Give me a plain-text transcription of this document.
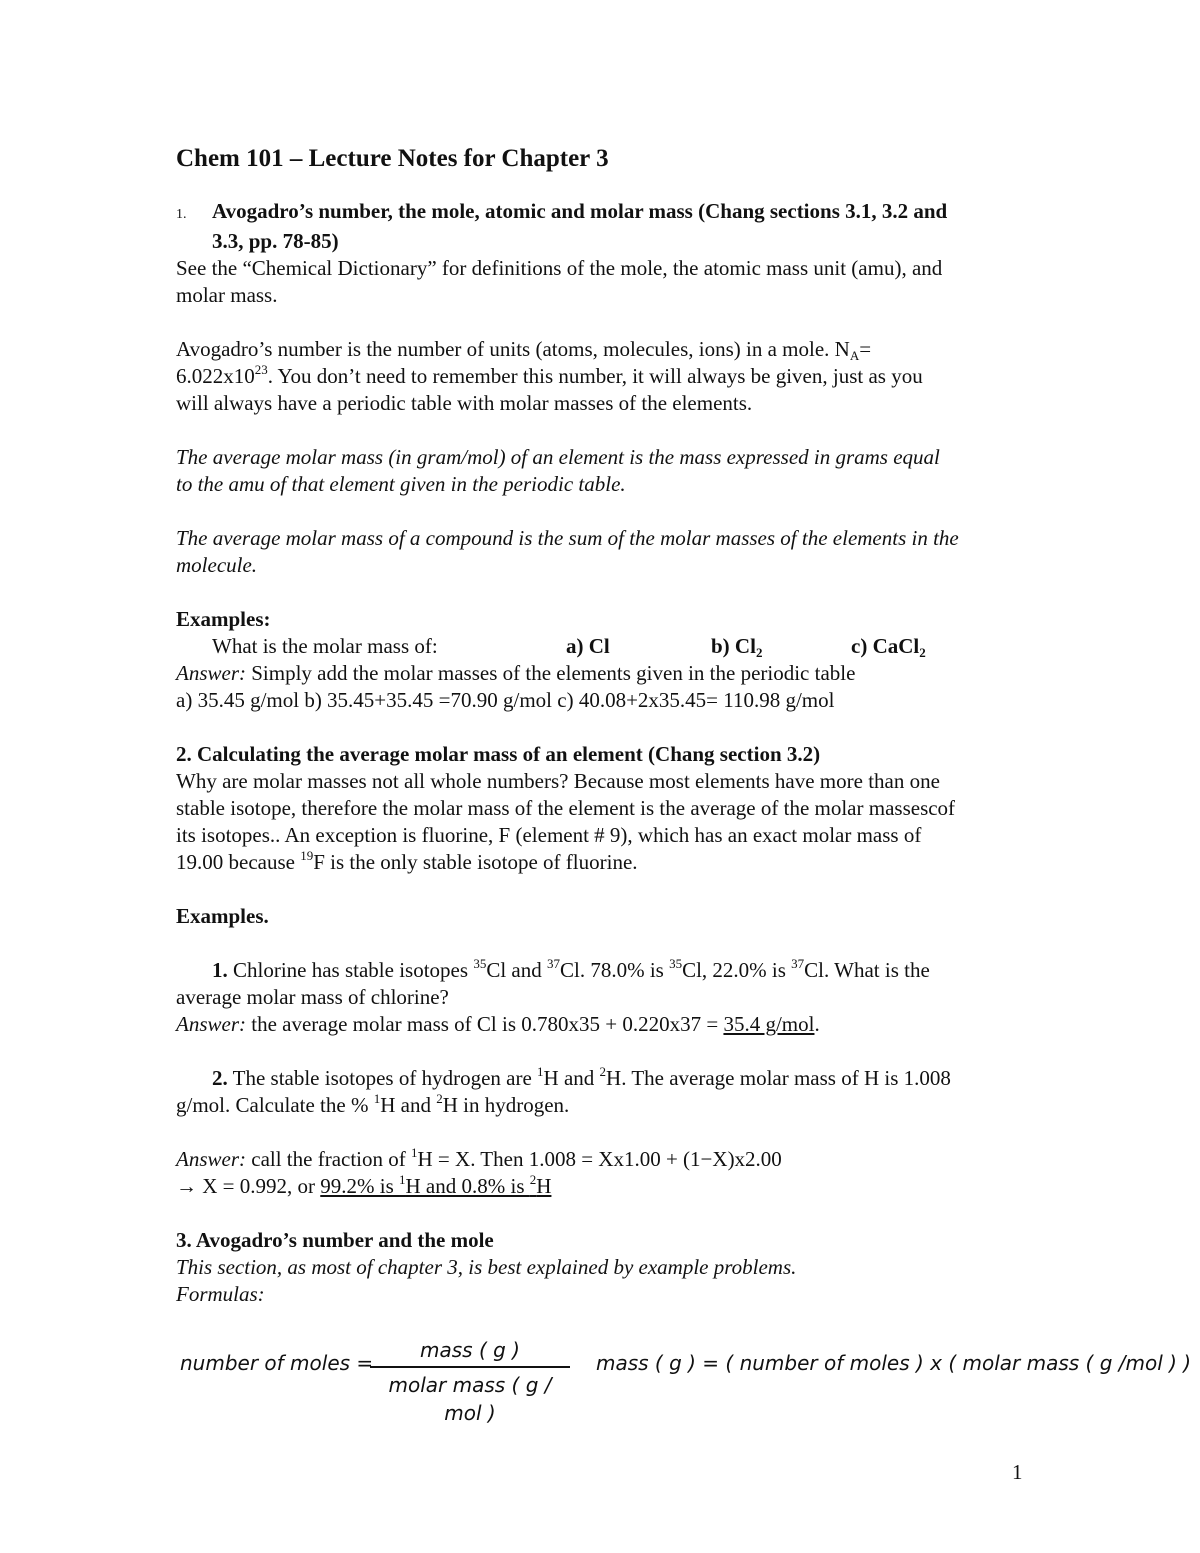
Chem 101 – Lecture Notes for Chapter 3
1. Avogadro’s number, the mole, atomic and molar mass (Chang sections 3.1, 3.2 and
3.3, pp. 78-85)
See the “Chemical Dictionary” for definitions of the mole, the atomic mass unit (amu), and
molar mass.
Avogadro’s number is the number of units (atoms, molecules, ions) in a mole. $N_A=$
$6.022x10^{23}$. You don’t need to remember this number, it will always be given, just as you
will always have a periodic table with molar masses of the elements.
The average molar mass (in gram/mol) of an element is the mass expressed in grams equal
to the amu of that element given in the periodic table.
The average molar mass of a compound is the sum of the molar masses of the elements in the
molecule.
Examples:
What is the molar mass of:	a) Cl	b) $Cl_2$	c) CaCl$_2$
Answer: Simply add the molar masses of the elements given in the periodic table
a) 35.45 g/mol b) 35.45+35.45 =70.90 g/mol c) 40.08+2x35.45= 110.98 g/mol
2. Calculating the average molar mass of an element (Chang section 3.2)
Why are molar masses not all whole numbers? Because most elements have more than one
stable isotope, therefore the molar mass of the element is the average of the molar massescof
its isotopes.. An exception is fluorine, F (element # 9), which has an exact molar mass of
19.00 because $^{19}$F is the only stable isotope of fluorine.
Examples.
1. Chlorine has stable isotopes $^{35}$Cl and $^{37}$Cl. 78.0% is $^{35}$Cl, 22.0% is $^{37}$Cl. What is the
average molar mass of chlorine?
Answer: the average molar mass of Cl is 0.780x35 + 0.220x37 = 35.4 g/mol.
2. The stable isotopes of hydrogen are $^1$H and $^2$H. The average molar mass of H is 1.008
g/mol. Calculate the % $^1$H and $^2$H in hydrogen.
Answer: call the fraction of $^1$H = X. Then 1.008 = Xx1.00 + (1−X)x2.00
→ X = 0.992, or 99.2% is $^1$H and 0.8% is $^2$H
3. Avogadro’s number and the mole
This section, as most of chapter 3, is best explained by example problems.
Formulas:
number of moles =
mass ( g )
molar mass ( g / mol )
mass ( g ) = ( number of moles ) x ( molar mass ( g /mol ) )
1
